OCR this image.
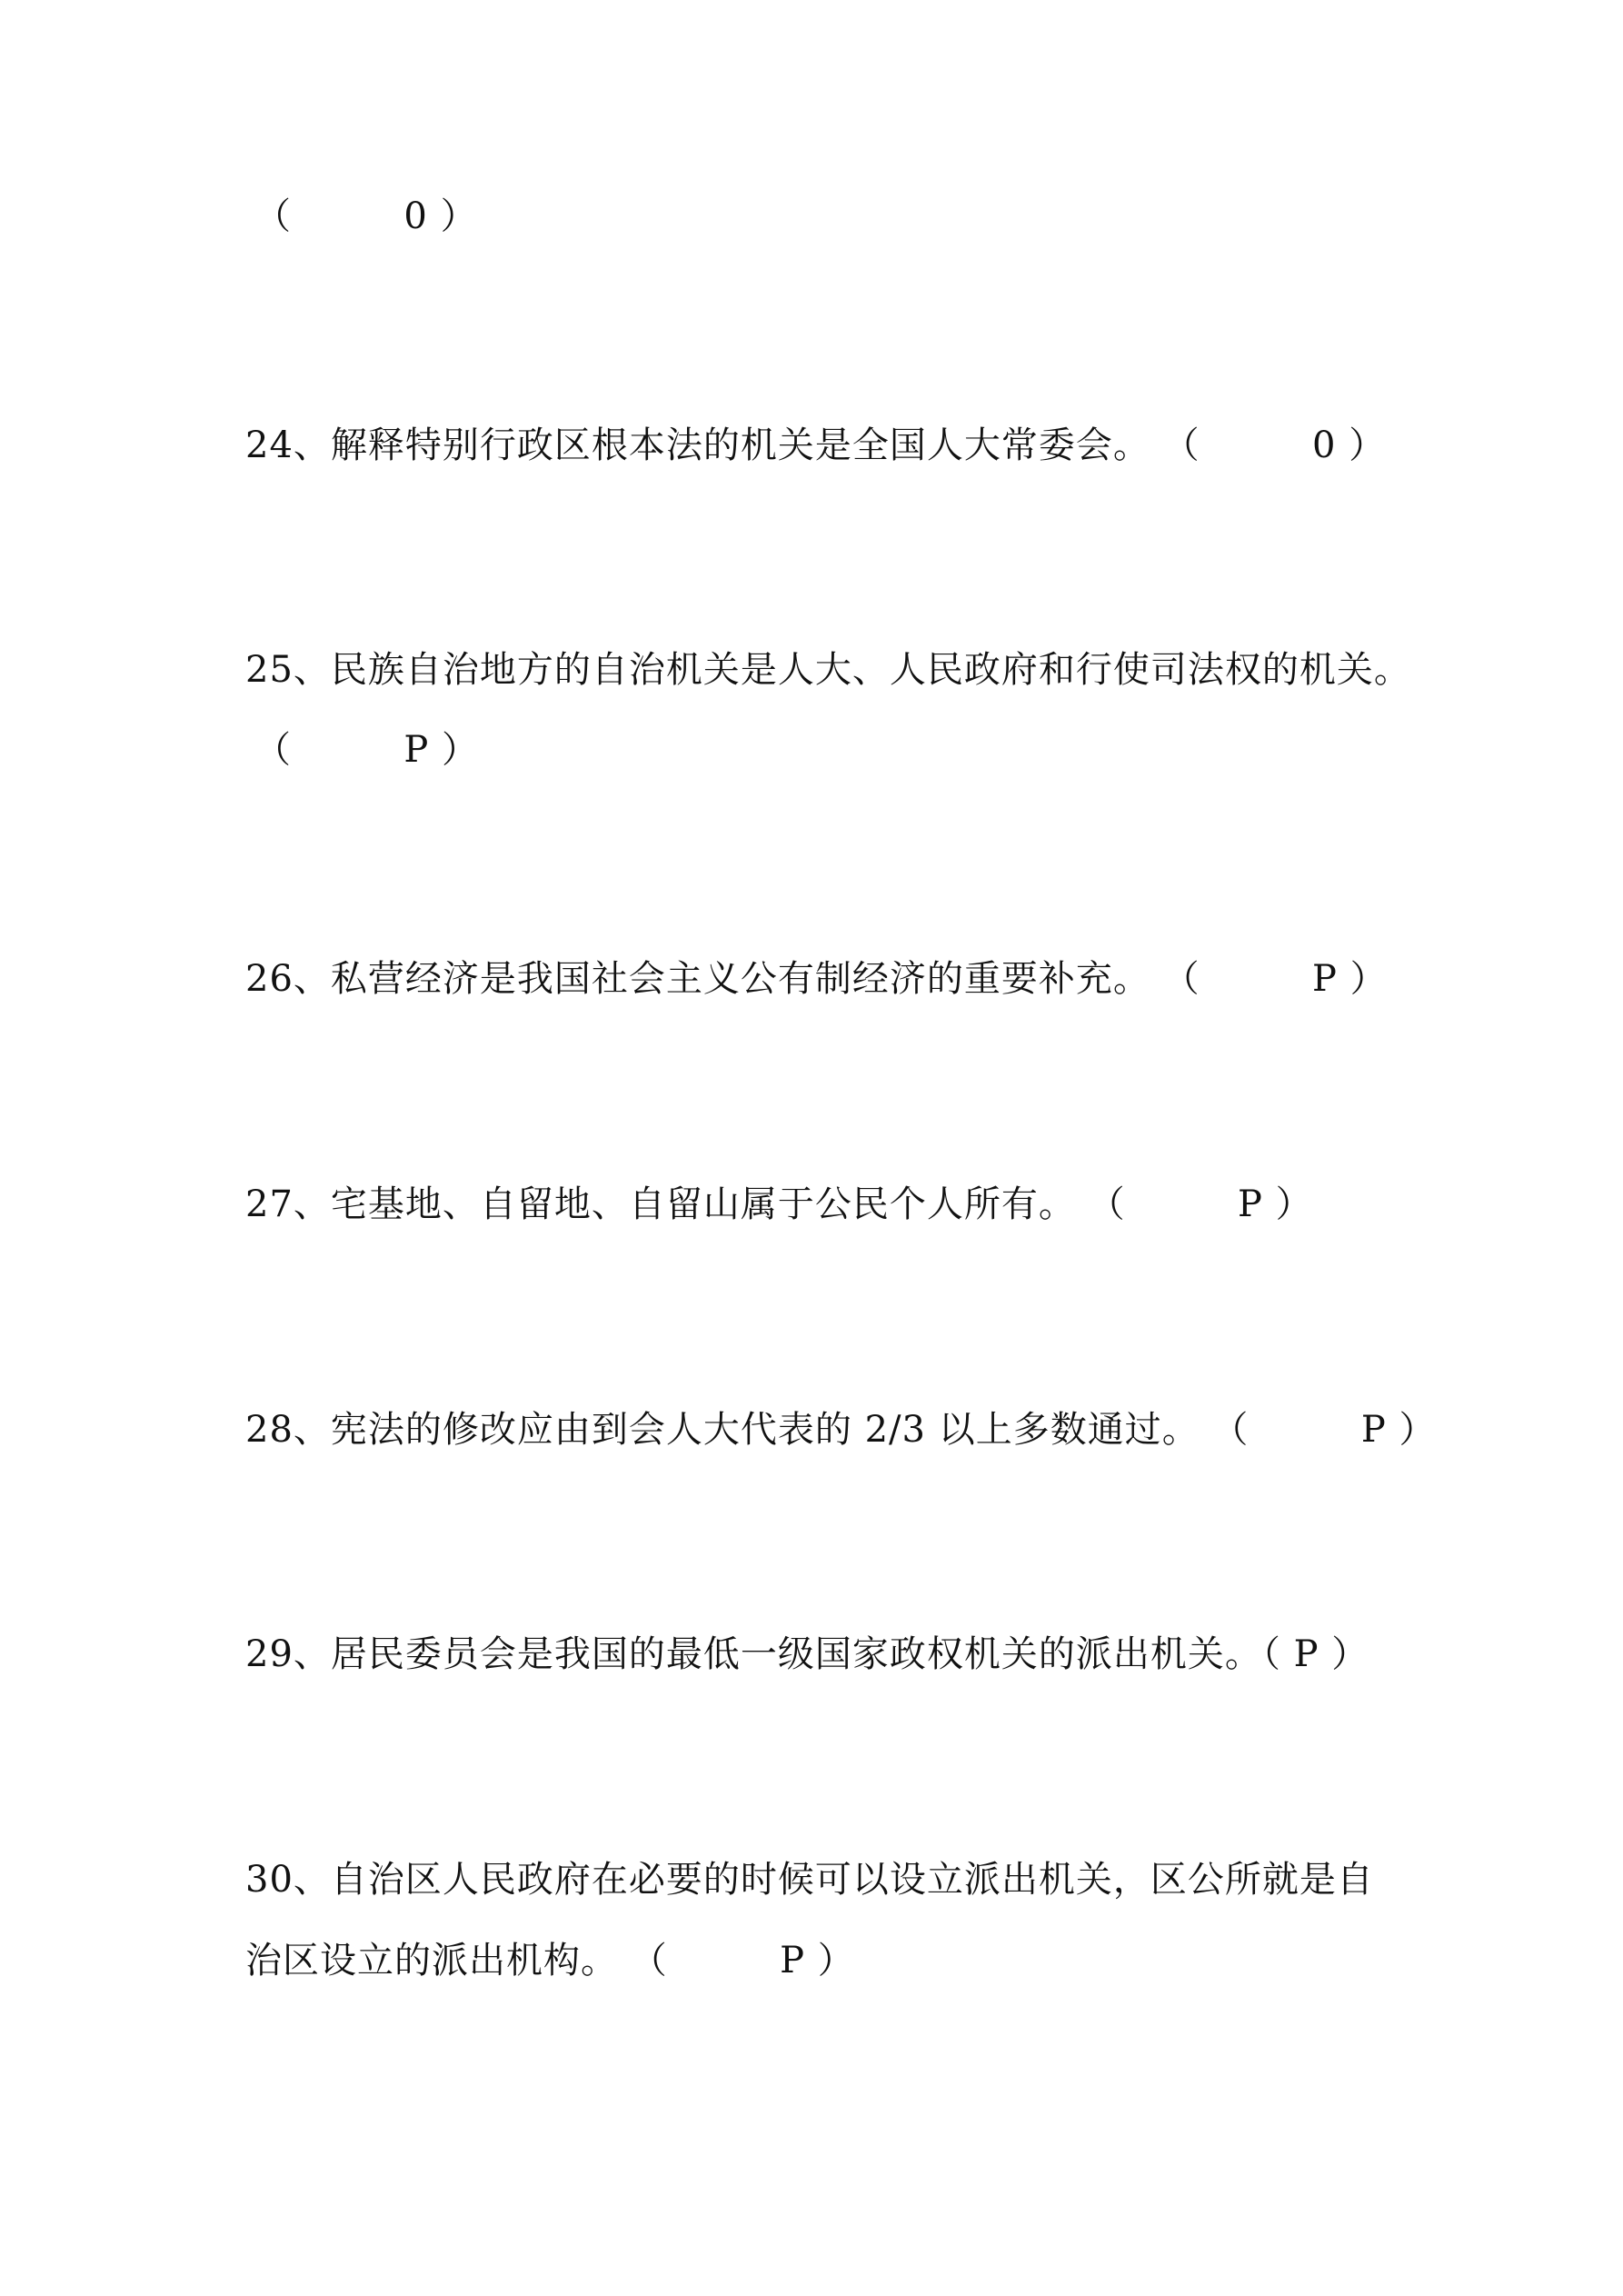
（         0 ）
24、解释特别行政区根本法的机关是全国人大常委会。 （         0 ）
25、民族自治地方的自治机关是人大、人民政府和行使司法权的机关。
（         P ）
26、私营经济是我国社会主义公有制经济的重要补充。 （         P ）
27、宅基地、自留地、自留山属于公民个人所有。 （         P ）
28、宪法的修改应由到会人大代表的 2/3 以上多数通过。 （         P ）
29、居民委员会是我国的最低一级国家政权机关的派出机关。（ P ）
30、自治区人民政府在必要的时候可以设立派出机关，区公所就是自
治区设立的派出机构。 （         P ）
